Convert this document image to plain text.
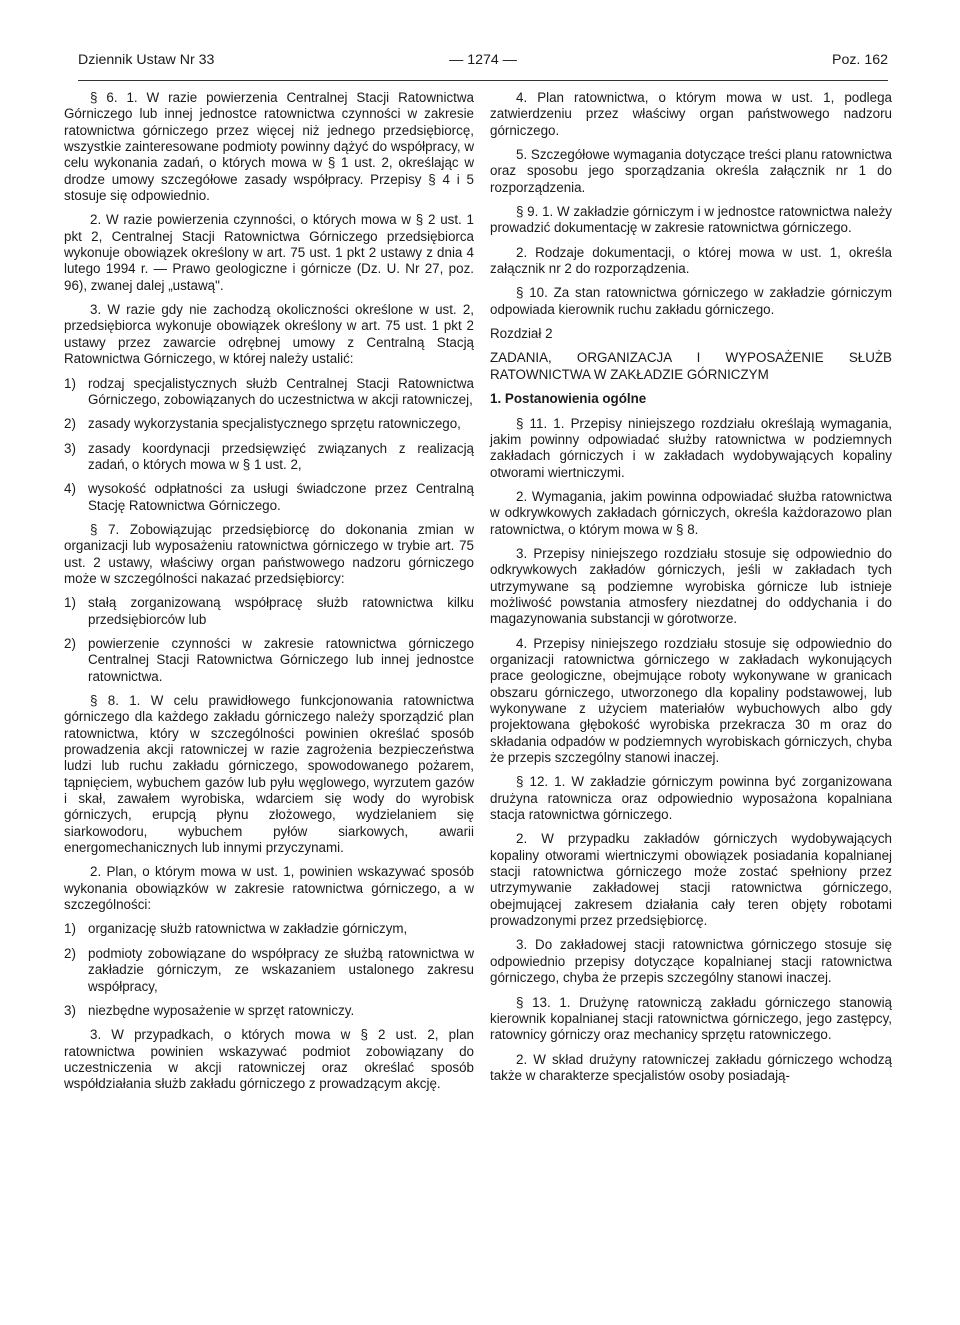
Dziennik Ustaw Nr 33	— 1274 —	Poz. 162

§ 6. 1. W razie powierzenia Centralnej Stacji Ratownictwa Górniczego lub innej jednostce ratownictwa czynności w zakresie ratownictwa górniczego przez więcej niż jednego przedsiębiorcę, wszystkie zainteresowane podmioty powinny dążyć do współpracy, w celu wykonania zadań, o których mowa w § 1 ust. 2, określając w drodze umowy szczegółowe zasady współpracy. Przepisy § 4 i 5 stosuje się odpowiednio.

2. W razie powierzenia czynności, o których mowa w § 2 ust. 1 pkt 2, Centralnej Stacji Ratownictwa Górniczego przedsiębiorca wykonuje obowiązek określony w art. 75 ust. 1 pkt 2 ustawy z dnia 4 lutego 1994 r. — Prawo geologiczne i górnicze (Dz. U. Nr 27, poz. 96), zwanej dalej „ustawą".

3. W razie gdy nie zachodzą okoliczności określone w ust. 2, przedsiębiorca wykonuje obowiązek określony w art. 75 ust. 1 pkt 2 ustawy przez zawarcie odrębnej umowy z Centralną Stacją Ratownictwa Górniczego, w której należy ustalić:

1) rodzaj specjalistycznych służb Centralnej Stacji Ratownictwa Górniczego, zobowiązanych do uczestnictwa w akcji ratowniczej,
2) zasady wykorzystania specjalistycznego sprzętu ratowniczego,
3) zasady koordynacji przedsięwzięć związanych z realizacją zadań, o których mowa w § 1 ust. 2,
4) wysokość odpłatności za usługi świadczone przez Centralną Stację Ratownictwa Górniczego.

§ 7. Zobowiązując przedsiębiorcę do dokonania zmian w organizacji lub wyposażeniu ratownictwa górniczego w trybie art. 75 ust. 2 ustawy, właściwy organ państwowego nadzoru górniczego może w szczególności nakazać przedsiębiorcy:

1) stałą zorganizowaną współpracę służb ratownictwa kilku przedsiębiorców lub
2) powierzenie czynności w zakresie ratownictwa górniczego Centralnej Stacji Ratownictwa Górniczego lub innej jednostce ratownictwa.

§ 8. 1. W celu prawidłowego funkcjonowania ratownictwa górniczego dla każdego zakładu górniczego należy sporządzić plan ratownictwa, który w szczególności powinien określać sposób prowadzenia akcji ratowniczej w razie zagrożenia bezpieczeństwa ludzi lub ruchu zakładu górniczego, spowodowanego pożarem, tąpnięciem, wybuchem gazów lub pyłu węglowego, wyrzutem gazów i skał, zawałem wyrobiska, wdarciem się wody do wyrobisk górniczych, erupcją płynu złożowego, wydzielaniem się siarkowodoru, wybuchem pyłów siarkowych, awarii energomechanicznych lub innymi przyczynami.

2. Plan, o którym mowa w ust. 1, powinien wskazywać sposób wykonania obowiązków w zakresie ratownictwa górniczego, a w szczególności:

1) organizację służb ratownictwa w zakładzie górniczym,
2) podmioty zobowiązane do współpracy ze służbą ratownictwa w zakładzie górniczym, ze wskazaniem ustalonego zakresu współpracy,
3) niezbędne wyposażenie w sprzęt ratowniczy.

3. W przypadkach, o których mowa w § 2 ust. 2, plan ratownictwa powinien wskazywać podmiot zobowiązany do uczestniczenia w akcji ratowniczej oraz określać sposób współdziałania służb zakładu górniczego z prowadzącym akcję.

4. Plan ratownictwa, o którym mowa w ust. 1, podlega zatwierdzeniu przez właściwy organ państwowego nadzoru górniczego.

5. Szczegółowe wymagania dotyczące treści planu ratownictwa oraz sposobu jego sporządzania określa załącznik nr 1 do rozporządzenia.

§ 9. 1. W zakładzie górniczym i w jednostce ratownictwa należy prowadzić dokumentację w zakresie ratownictwa górniczego.

2. Rodzaje dokumentacji, o której mowa w ust. 1, określa załącznik nr 2 do rozporządzenia.

§ 10. Za stan ratownictwa górniczego w zakładzie górniczym odpowiada kierownik ruchu zakładu górniczego.

Rozdział 2

ZADANIA, ORGANIZACJA I WYPOSAŻENIE SŁUŻB RATOWNICTWA W ZAKŁADZIE GÓRNICZYM

1. Postanowienia ogólne

§ 11. 1. Przepisy niniejszego rozdziału określają wymagania, jakim powinny odpowiadać służby ratownictwa w podziemnych zakładach górniczych i w zakładach wydobywających kopaliny otworami wiertniczymi.

2. Wymagania, jakim powinna odpowiadać służba ratownictwa w odkrywkowych zakładach górniczych, określa każdorazowo plan ratownictwa, o którym mowa w § 8.

3. Przepisy niniejszego rozdziału stosuje się odpowiednio do odkrywkowych zakładów górniczych, jeśli w zakładach tych utrzymywane są podziemne wyrobiska górnicze lub istnieje możliwość powstania atmosfery niezdatnej do oddychania i do magazynowania substancji w górotworze.

4. Przepisy niniejszego rozdziału stosuje się odpowiednio do organizacji ratownictwa górniczego w zakładach wykonujących prace geologiczne, obejmujące roboty wykonywane w granicach obszaru górniczego, utworzonego dla kopaliny podstawowej, lub wykonywane z użyciem materiałów wybuchowych albo gdy projektowana głębokość wyrobiska przekracza 30 m oraz do składania odpadów w podziemnych wyrobiskach górniczych, chyba że przepis szczególny stanowi inaczej.

§ 12. 1. W zakładzie górniczym powinna być zorganizowana drużyna ratownicza oraz odpowiednio wyposażona kopalniana stacja ratownictwa górniczego.

2. W przypadku zakładów górniczych wydobywających kopaliny otworami wiertniczymi obowiązek posiadania kopalnianej stacji ratownictwa górniczego może zostać spełniony przez utrzymywanie zakładowej stacji ratownictwa górniczego, obejmującej zakresem działania cały teren objęty robotami prowadzonymi przez przedsiębiorcę.

3. Do zakładowej stacji ratownictwa górniczego stosuje się odpowiednio przepisy dotyczące kopalnianej stacji ratownictwa górniczego, chyba że przepis szczególny stanowi inaczej.

§ 13. 1. Drużynę ratowniczą zakładu górniczego stanowią kierownik kopalnianej stacji ratownictwa górniczego, jego zastępcy, ratownicy górniczy oraz mechanicy sprzętu ratowniczego.

2. W skład drużyny ratowniczej zakładu górniczego wchodzą także w charakterze specjalistów osoby posiadają-
